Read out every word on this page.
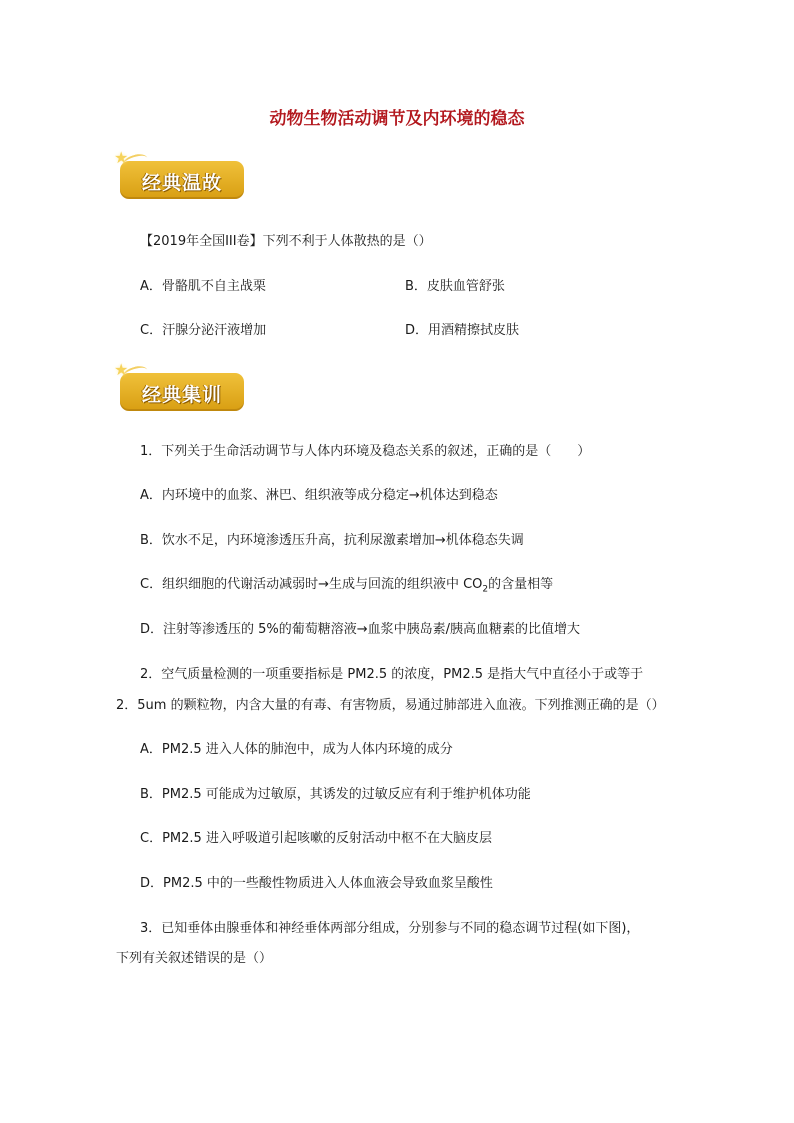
动物生物活动调节及内环境的稳态
★
经典温故
【2019年全国III卷】下列不利于人体散热的是（）
A．骨骼肌不自主战栗	B．皮肤血管舒张
C．汗腺分泌汗液增加	D．用酒精擦拭皮肤
★
经典集训
1．下列关于生命活动调节与人体内环境及稳态关系的叙述，正确的是（　　）
A．内环境中的血浆、淋巴、组织液等成分稳定→机体达到稳态
B．饮水不足，内环境渗透压升高，抗利尿激素增加→机体稳态失调
C．组织细胞的代谢活动减弱时→生成与回流的组织液中 $CO_2$的含量相等
D．注射等渗透压的 5%的葡萄糖溶液→血浆中胰岛素/胰高血糖素的比值增大
2．空气质量检测的一项重要指标是 PM2.5 的浓度，PM2.5 是指大气中直径小于或等于
2．5um 的颗粒物，内含大量的有毒、有害物质，易通过肺部进入血液。下列推测正确的是（）
A．PM2.5 进入人体的肺泡中，成为人体内环境的成分
B．PM2.5 可能成为过敏原，其诱发的过敏反应有利于维护机体功能
C．PM2.5 进入呼吸道引起咳嗽的反射活动中枢不在大脑皮层
D．PM2.5 中的一些酸性物质进入人体血液会导致血浆呈酸性
3．已知垂体由腺垂体和神经垂体两部分组成，分别参与不同的稳态调节过程(如下图)，
下列有关叙述错误的是（）
